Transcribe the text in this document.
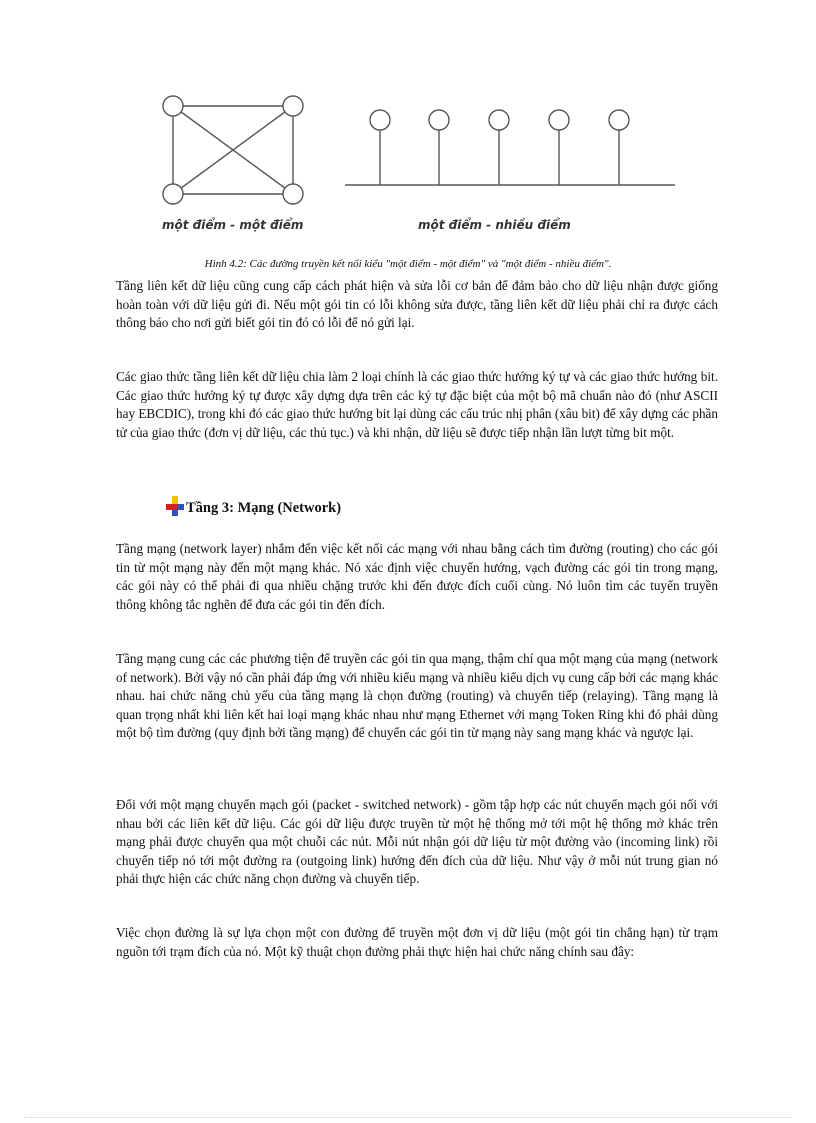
một điểm - một điểm	một điểm - nhiều điểm
Hình 4.2: Các đường truyền kết nối kiểu "một điểm - một điểm" và "một điểm - nhiều điểm".

Tầng liên kết dữ liệu cũng cung cấp cách phát hiện và sửa lỗi cơ bản để đảm bảo cho dữ liệu nhận được giống hoàn toàn với dữ liệu gửi đi. Nếu một gói tin có lỗi không sửa được, tầng liên kết dữ liệu phải chỉ ra được cách thông báo cho nơi gửi biết gói tin đó có lỗi để nó gửi lại.

Các giao thức tầng liên kết dữ liệu chia làm 2 loại chính là các giao thức hướng ký tự và các giao thức hướng bit. Các giao thức hướng ký tự được xây dựng dựa trên các ký tự đặc biệt của một bộ mã chuẩn nào đó (như ASCII hay EBCDIC), trong khi đó các giao thức hướng bit lại dùng các cấu trúc nhị phân (xâu bit) để xây dựng các phần tử của giao thức (đơn vị dữ liệu, các thủ tục.) và khi nhận, dữ liệu sẽ được tiếp nhận lần lượt từng bit một.

Tầng 3: Mạng (Network)

Tầng mạng (network layer) nhắm đến việc kết nối các mạng với nhau bằng cách tìm đường (routing) cho các gói tin từ một mạng này đến một mạng khác. Nó xác định việc chuyển hướng, vạch đường các gói tin trong mạng, các gói này có thể phải đi qua nhiều chặng trước khi đến được đích cuối cùng. Nó luôn tìm các tuyến truyền thông không tắc nghẽn để đưa các gói tin đến đích.

Tầng mạng cung các các phương tiện để truyền các gói tin qua mạng, thậm chí qua một mạng của mạng (network of network). Bởi vậy nó cần phải đáp ứng với nhiều kiểu mạng và nhiều kiểu dịch vụ cung cấp bởi các mạng khác nhau. hai chức năng chủ yếu của tầng mạng là chọn đường (routing) và chuyển tiếp (relaying). Tầng mạng là quan trọng nhất khi liên kết hai loại mạng khác nhau như mạng Ethernet với mạng Token Ring khi đó phải dùng một bộ tìm đường (quy định bởi tầng mạng) để chuyển các gói tin từ mạng này sang mạng khác và ngược lại.

Đối với một mạng chuyển mạch gói (packet - switched network) - gồm tập hợp các nút chuyển mạch gói nối với nhau bởi các liên kết dữ liệu. Các gói dữ liệu được truyền từ một hệ thống mở tới một hệ thống mở khác trên mạng phải được chuyển qua một chuỗi các nút. Mỗi nút nhận gói dữ liệu từ một đường vào (incoming link) rồi chuyển tiếp nó tới một đường ra (outgoing link) hướng đến đích của dữ liệu. Như vậy ở mỗi nút trung gian nó phải thực hiện các chức năng chọn đường và chuyển tiếp.

Việc chọn đường là sự lựa chọn một con đường để truyền một đơn vị dữ liệu (một gói tin chẳng hạn) từ trạm nguồn tới trạm đích của nó. Một kỹ thuật chọn đường phải thực hiện hai chức năng chính sau đây:
